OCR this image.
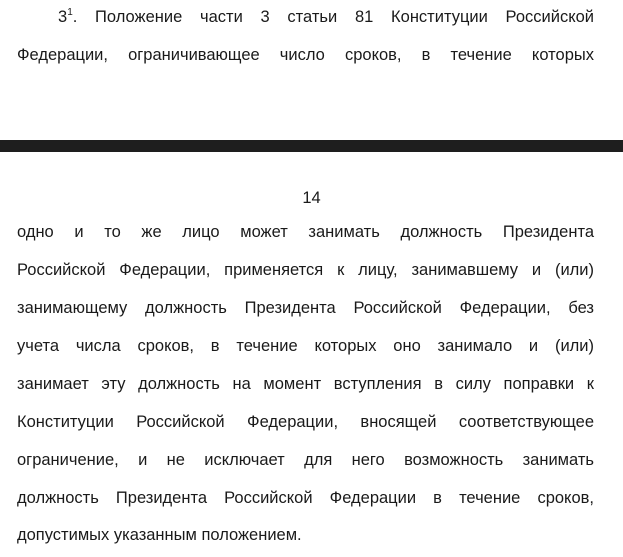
$3^1$. Положение части 3 статьи 81 Конституции Российской
Федерации, ограничивающее число сроков, в течение которых
14
одно и то же лицо может занимать должность Президента
Российской Федерации, применяется к лицу, занимавшему и (или)
занимающему должность Президента Российской Федерации, без
учета числа сроков, в течение которых оно занимало и (или)
занимает эту должность на момент вступления в силу поправки к
Конституции Российской Федерации, вносящей соответствующее
ограничение, и не исключает для него возможность занимать
должность Президента Российской Федерации в течение сроков,
допустимых указанным положением.
